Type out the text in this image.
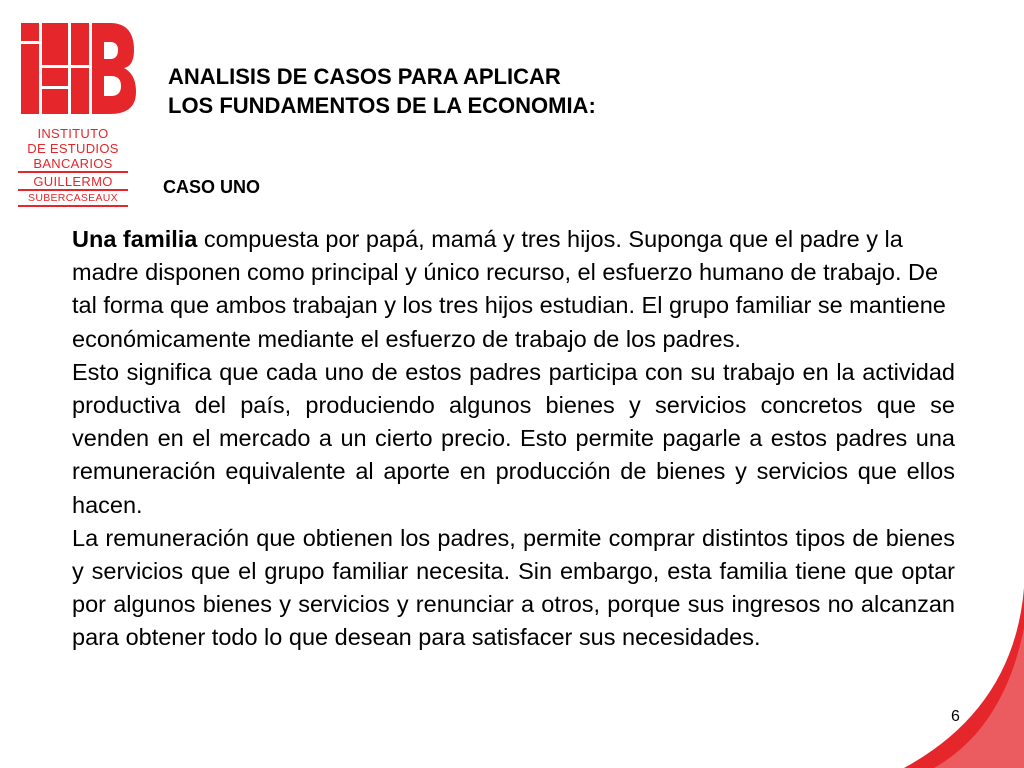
INSTITUTO
DE ESTUDIOS
BANCARIOS
GUILLERMO
SUBERCASEAUX
ANALISIS DE CASOS PARA APLICAR
LOS FUNDAMENTOS DE LA ECONOMIA:
CASO UNO

Una familia compuesta por papá, mamá y tres hijos. Suponga que el padre y la madre disponen como principal y único recurso, el esfuerzo humano de trabajo. De tal forma que ambos trabajan y los tres hijos estudian. El grupo familiar se mantiene económicamente mediante el esfuerzo de trabajo de los padres.

Esto significa que cada uno de estos padres participa con su trabajo en la actividad productiva del país, produciendo algunos bienes y servicios concretos que se venden en el mercado a un cierto precio. Esto permite pagarle a estos padres una remuneración equivalente al aporte en producción de bienes y servicios que ellos hacen.

La remuneración que obtienen los padres, permite comprar distintos tipos de bienes y servicios que el grupo familiar necesita. Sin embargo, esta familia tiene que optar por algunos bienes y servicios y renunciar a otros, porque sus ingresos no alcanzan para obtener todo lo que desean para satisfacer sus necesidades.

6
